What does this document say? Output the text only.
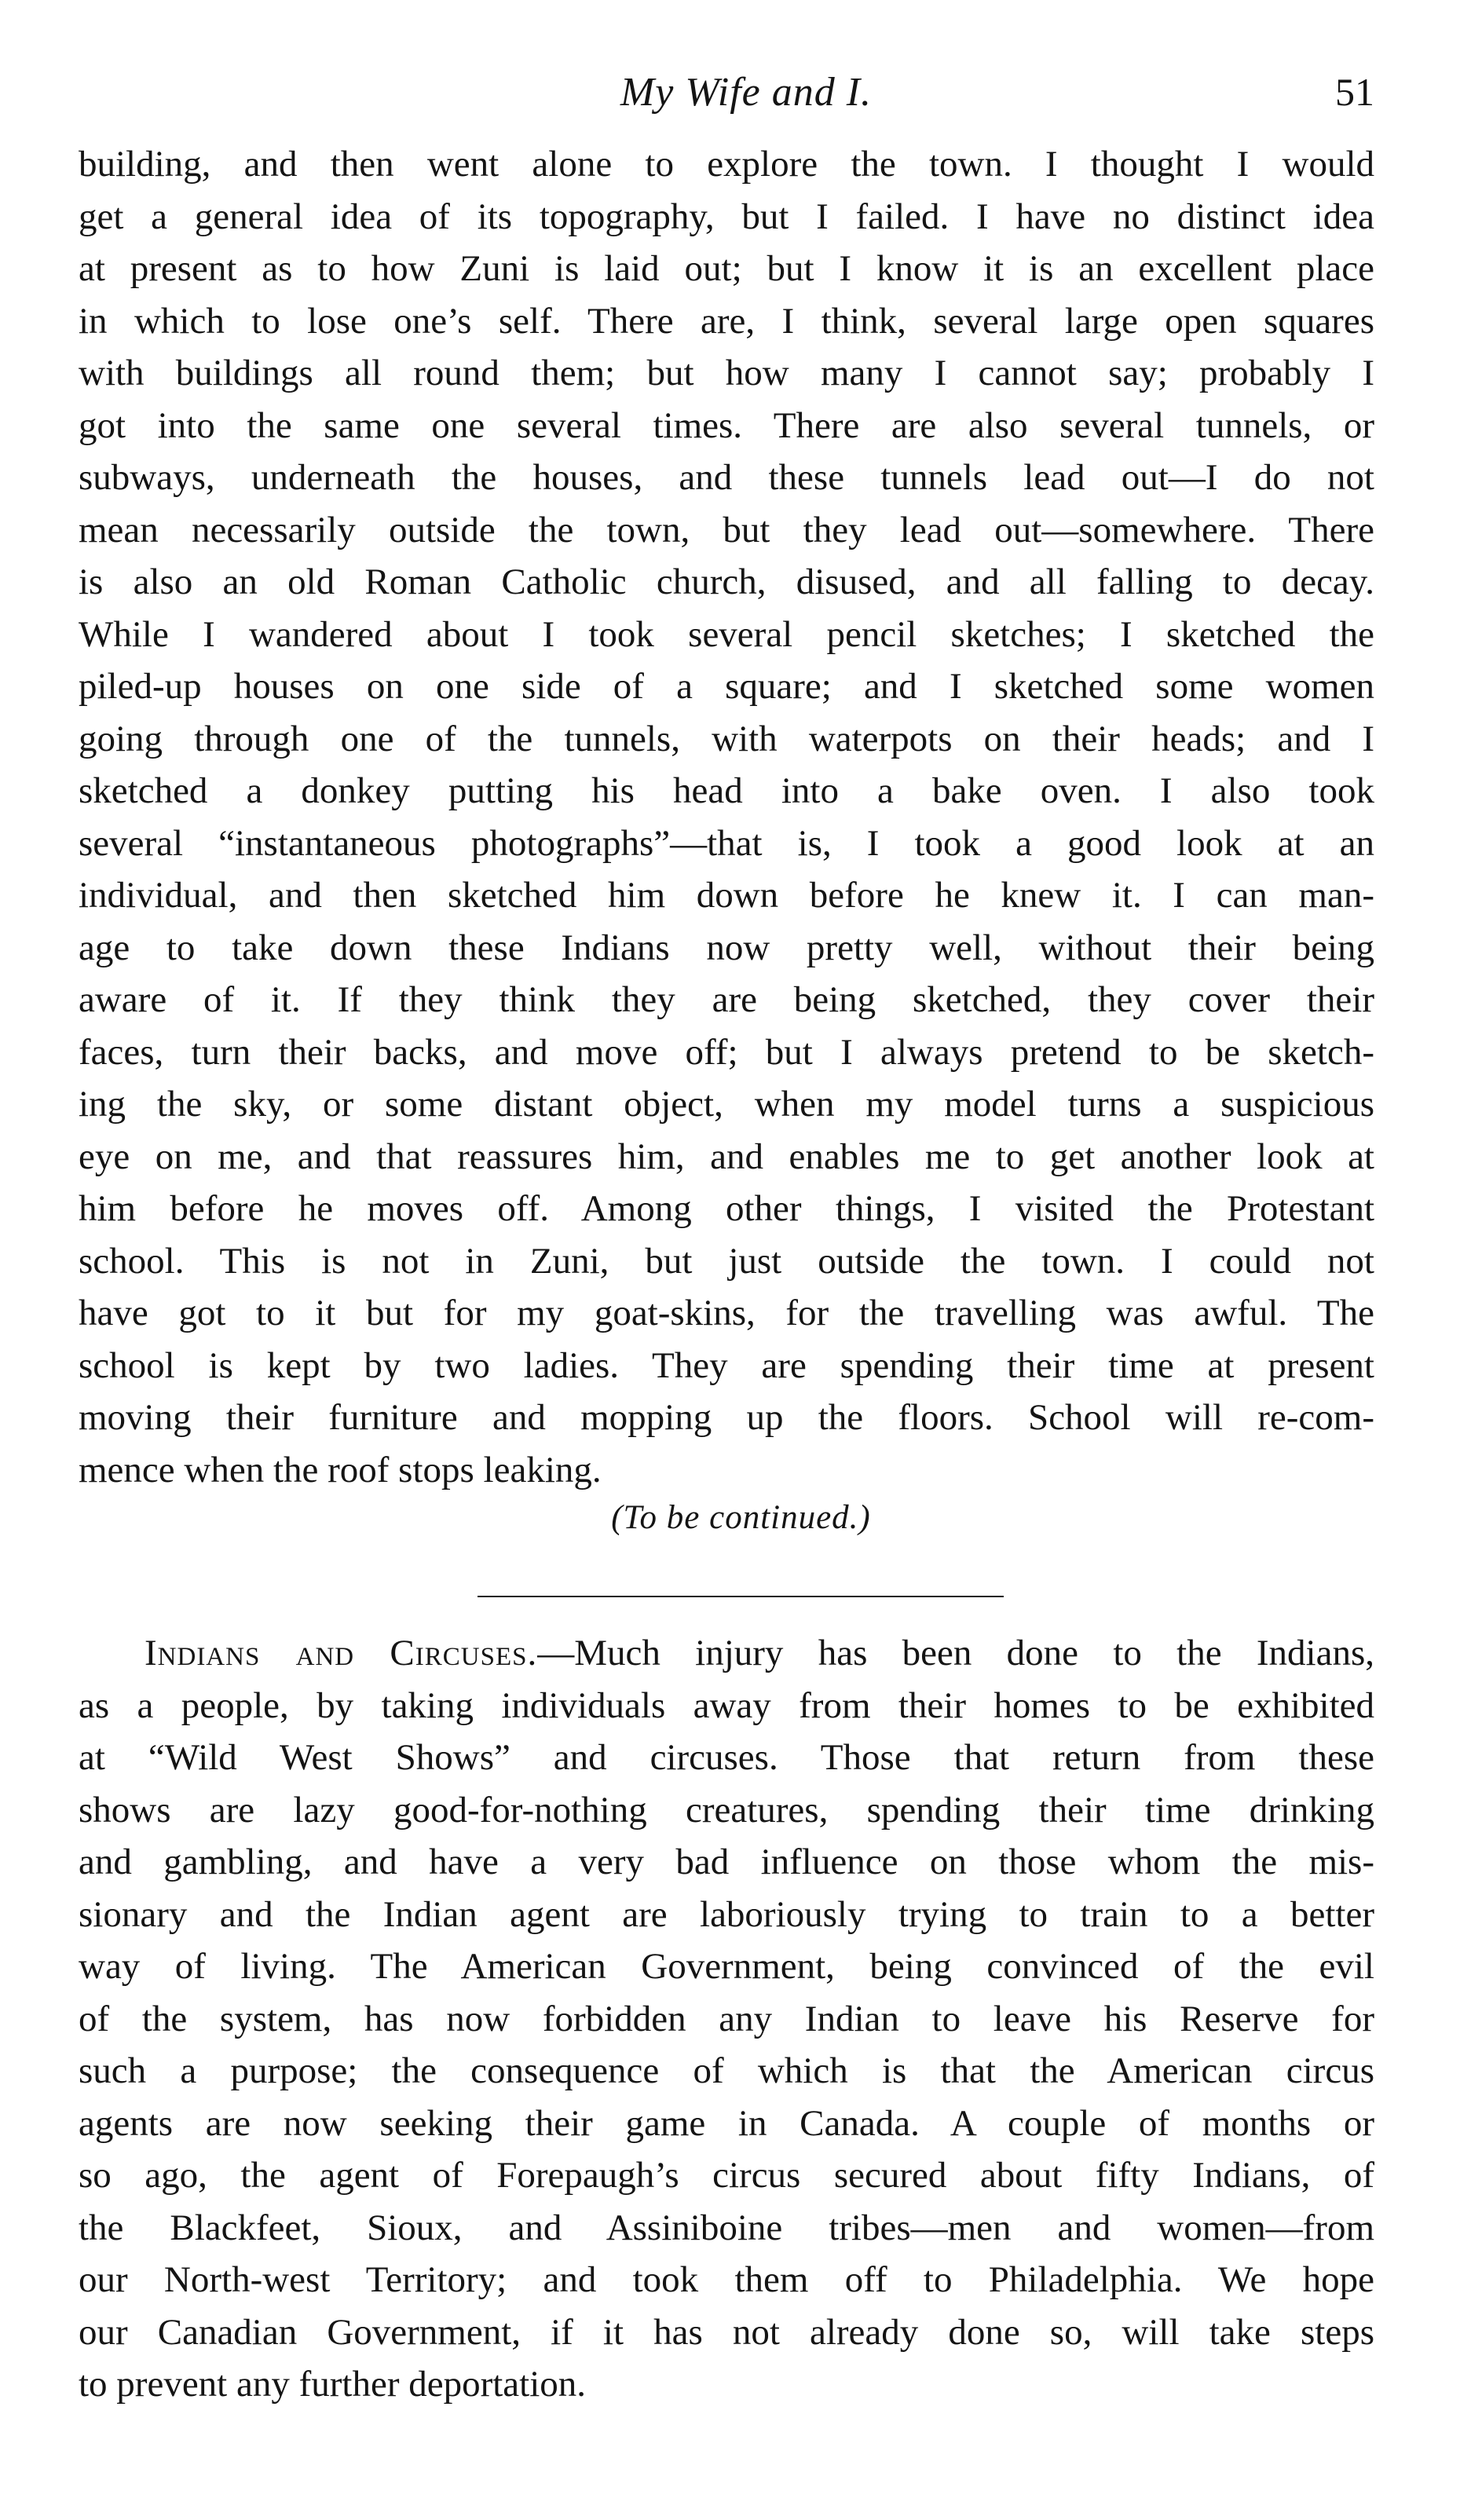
My Wife and I.	51
building, and then went alone to explore the town. I thought I would
get a general idea of its topography, but I failed. I have no distinct idea
at present as to how Zuni is laid out; but I know it is an excellent place
in which to lose one’s self. There are, I think, several large open squares
with buildings all round them; but how many I cannot say; probably I
got into the same one several times. There are also several tunnels, or
subways, underneath the houses, and these tunnels lead out—I do not
mean necessarily outside the town, but they lead out—somewhere. There
is also an old Roman Catholic church, disused, and all falling to decay.
While I wandered about I took several pencil sketches; I sketched the
piled-up houses on one side of a square; and I sketched some women
going through one of the tunnels, with waterpots on their heads; and I
sketched a donkey putting his head into a bake oven. I also took
several “instantaneous photographs”—that is, I took a good look at an
individual, and then sketched him down before he knew it. I can man-
age to take down these Indians now pretty well, without their being
aware of it. If they think they are being sketched, they cover their
faces, turn their backs, and move off; but I always pretend to be sketch-
ing the sky, or some distant object, when my model turns a suspicious
eye on me, and that reassures him, and enables me to get another look at
him before he moves off. Among other things, I visited the Protestant
school. This is not in Zuni, but just outside the town. I could not
have got to it but for my goat-skins, for the travelling was awful. The
school is kept by two ladies. They are spending their time at present
moving their furniture and mopping up the floors. School will re-com-
mence when the roof stops leaking.
(To be continued.)
Indians and Circuses.—Much injury has been done to the Indians,
as a people, by taking individuals away from their homes to be exhibited
at “Wild West Shows” and circuses. Those that return from these
shows are lazy good-for-nothing creatures, spending their time drinking
and gambling, and have a very bad influence on those whom the mis-
sionary and the Indian agent are laboriously trying to train to a better
way of living. The American Government, being convinced of the evil
of the system, has now forbidden any Indian to leave his Reserve for
such a purpose; the consequence of which is that the American circus
agents are now seeking their game in Canada. A couple of months or
so ago, the agent of Forepaugh’s circus secured about fifty Indians, of
the Blackfeet, Sioux, and Assiniboine tribes—men and women—from
our North-west Territory; and took them off to Philadelphia. We hope
our Canadian Government, if it has not already done so, will take steps
to prevent any further deportation.
